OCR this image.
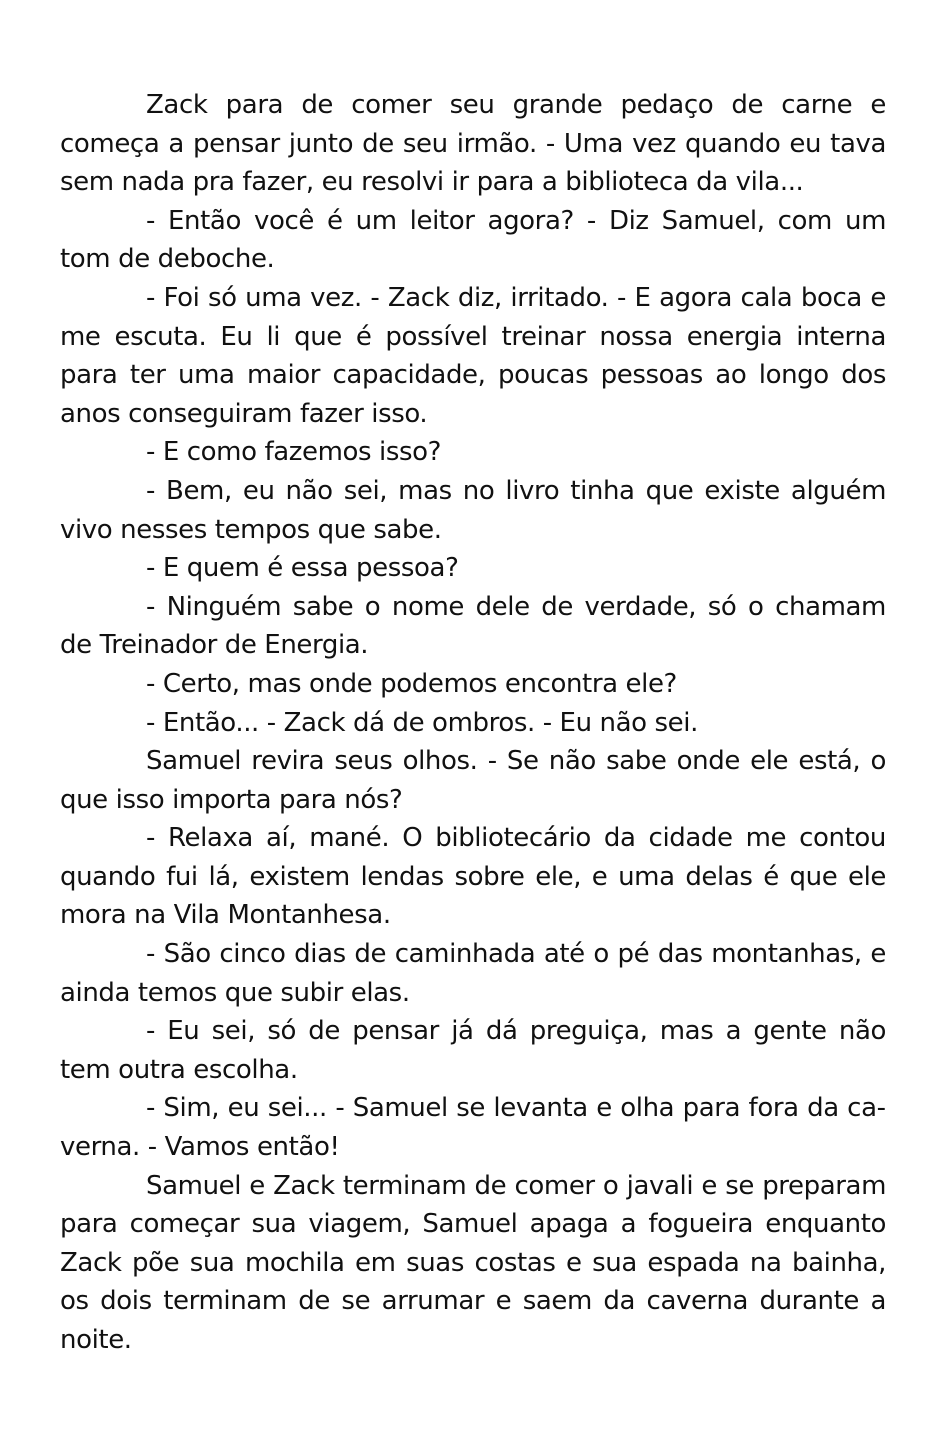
Zack para de comer seu grande pedaço de carne e começa a pensar junto de seu irmão. - Uma vez quando eu tava sem nada pra fazer, eu resolvi ir para a biblioteca da vila...

- Então você é um leitor agora? - Diz Samuel, com um tom de deboche.

- Foi só uma vez. - Zack diz, irritado. - E agora cala boca e me escuta. Eu li que é possível treinar nossa energia interna para ter uma maior capacidade, poucas pessoas ao longo dos anos conseguiram fazer isso.

- E como fazemos isso?

- Bem, eu não sei, mas no livro tinha que existe alguém vivo nesses tempos que sabe.

- E quem é essa pessoa?

- Ninguém sabe o nome dele de verdade, só o chamam de Treinador de Energia.

- Certo, mas onde podemos encontra ele?

- Então... - Zack dá de ombros. - Eu não sei.

Samuel revira seus olhos. - Se não sabe onde ele está, o que isso importa para nós?

- Relaxa aí, mané. O bibliotecário da cidade me contou quando fui lá, existem lendas sobre ele, e uma delas é que ele mora na Vila Montanhesa.

- São cinco dias de caminhada até o pé das montanhas, e ainda temos que subir elas.

- Eu sei, só de pensar já dá preguiça, mas a gente não tem outra escolha.

- Sim, eu sei... - Samuel se levanta e olha para fora da caverna. - Vamos então!

Samuel e Zack terminam de comer o javali e se preparam para começar sua viagem, Samuel apaga a fogueira enquanto Zack põe sua mochila em suas costas e sua espada na bainha, os dois terminam de se arrumar e saem da caverna durante a noite.
